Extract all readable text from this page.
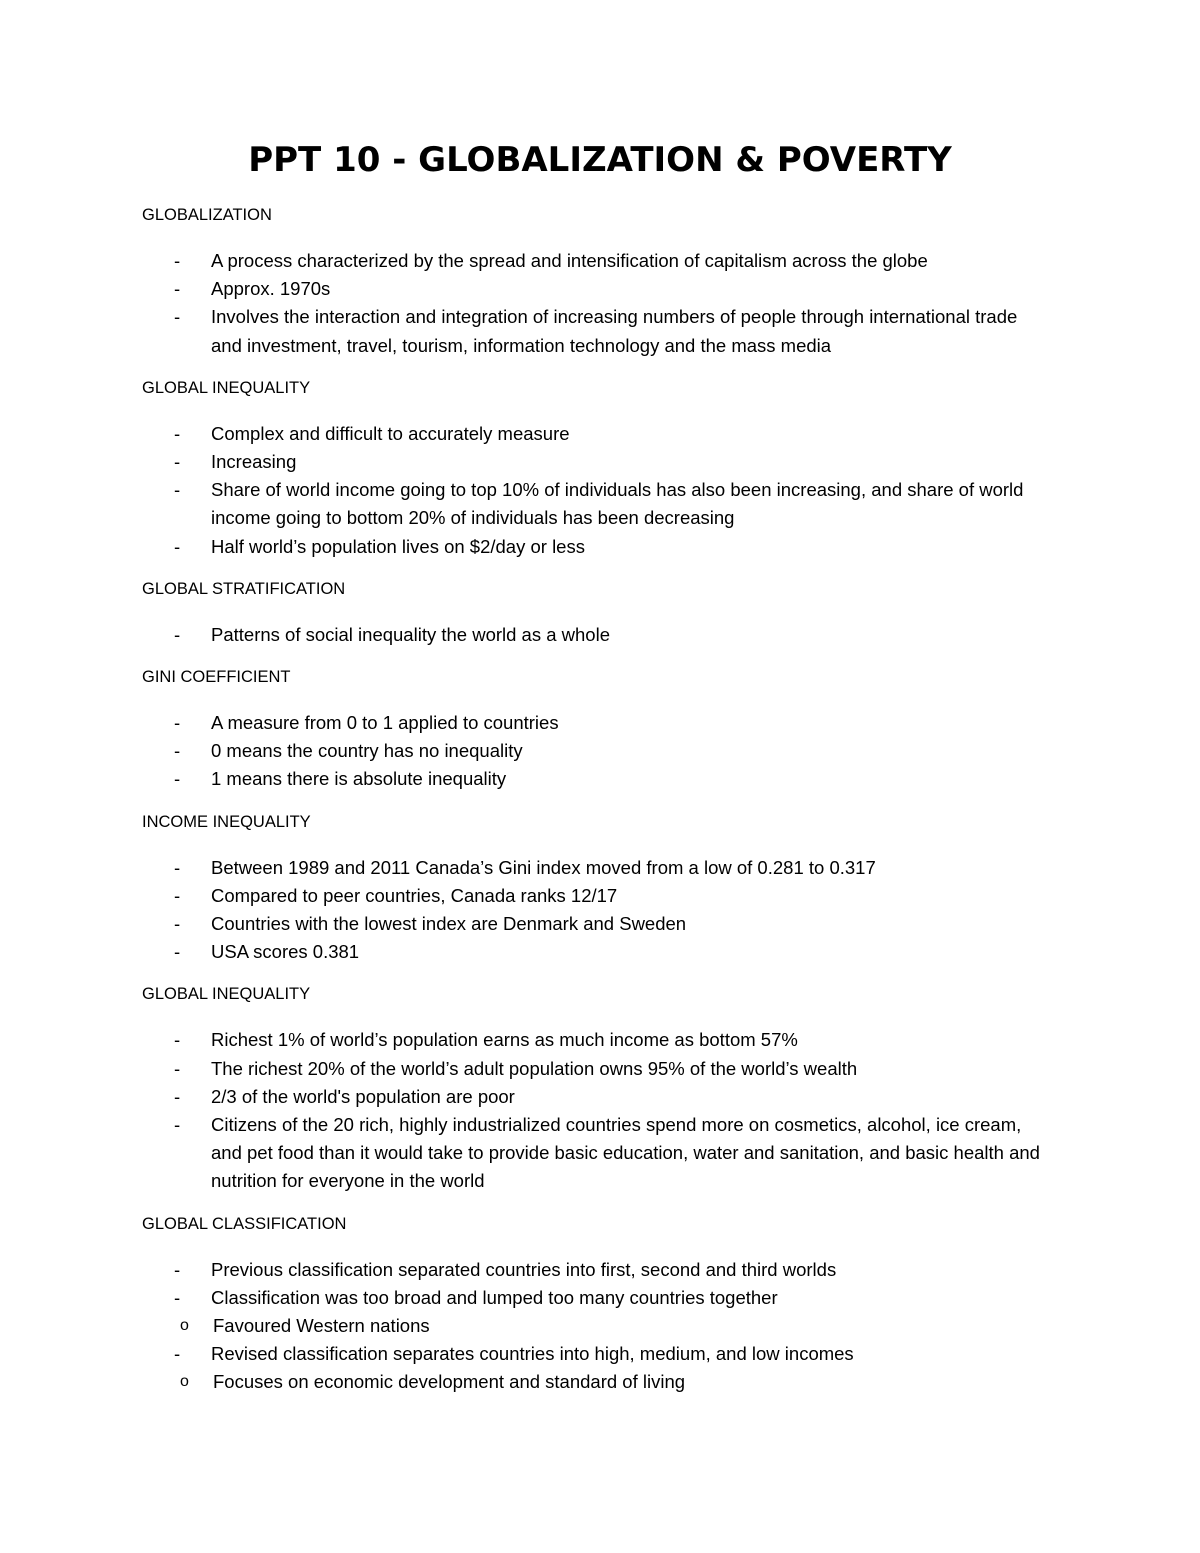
PPT 10 - GLOBALIZATION & POVERTY
GLOBALIZATION
- A process characterized by the spread and intensification of capitalism across the globe
- Approx. 1970s
- Involves the interaction and integration of increasing numbers of people through international trade and investment, travel, tourism, information technology and the mass media
GLOBAL INEQUALITY
- Complex and difficult to accurately measure
- Increasing
- Share of world income going to top 10% of individuals has also been increasing, and share of world income going to bottom 20% of individuals has been decreasing
- Half world’s population lives on $2/day or less
GLOBAL STRATIFICATION
- Patterns of social inequality the world as a whole
GINI COEFFICIENT
- A measure from 0 to 1 applied to countries
- 0 means the country has no inequality
- 1 means there is absolute inequality
INCOME INEQUALITY
- Between 1989 and 2011 Canada’s Gini index moved from a low of 0.281 to 0.317
- Compared to peer countries, Canada ranks 12/17
- Countries with the lowest index are Denmark and Sweden
- USA scores 0.381
GLOBAL INEQUALITY
- Richest 1% of world’s population earns as much income as bottom 57%
- The richest 20% of the world’s adult population owns 95% of the world’s wealth
- 2/3 of the world's population are poor
- Citizens of the 20 rich, highly industrialized countries spend more on cosmetics, alcohol, ice cream, and pet food than it would take to provide basic education, water and sanitation, and basic health and nutrition for everyone in the world
GLOBAL CLASSIFICATION
- Previous classification separated countries into first, second and third worlds
- Classification was too broad and lumped too many countries together
o Favoured Western nations
- Revised classification separates countries into high, medium, and low incomes
o Focuses on economic development and standard of living
